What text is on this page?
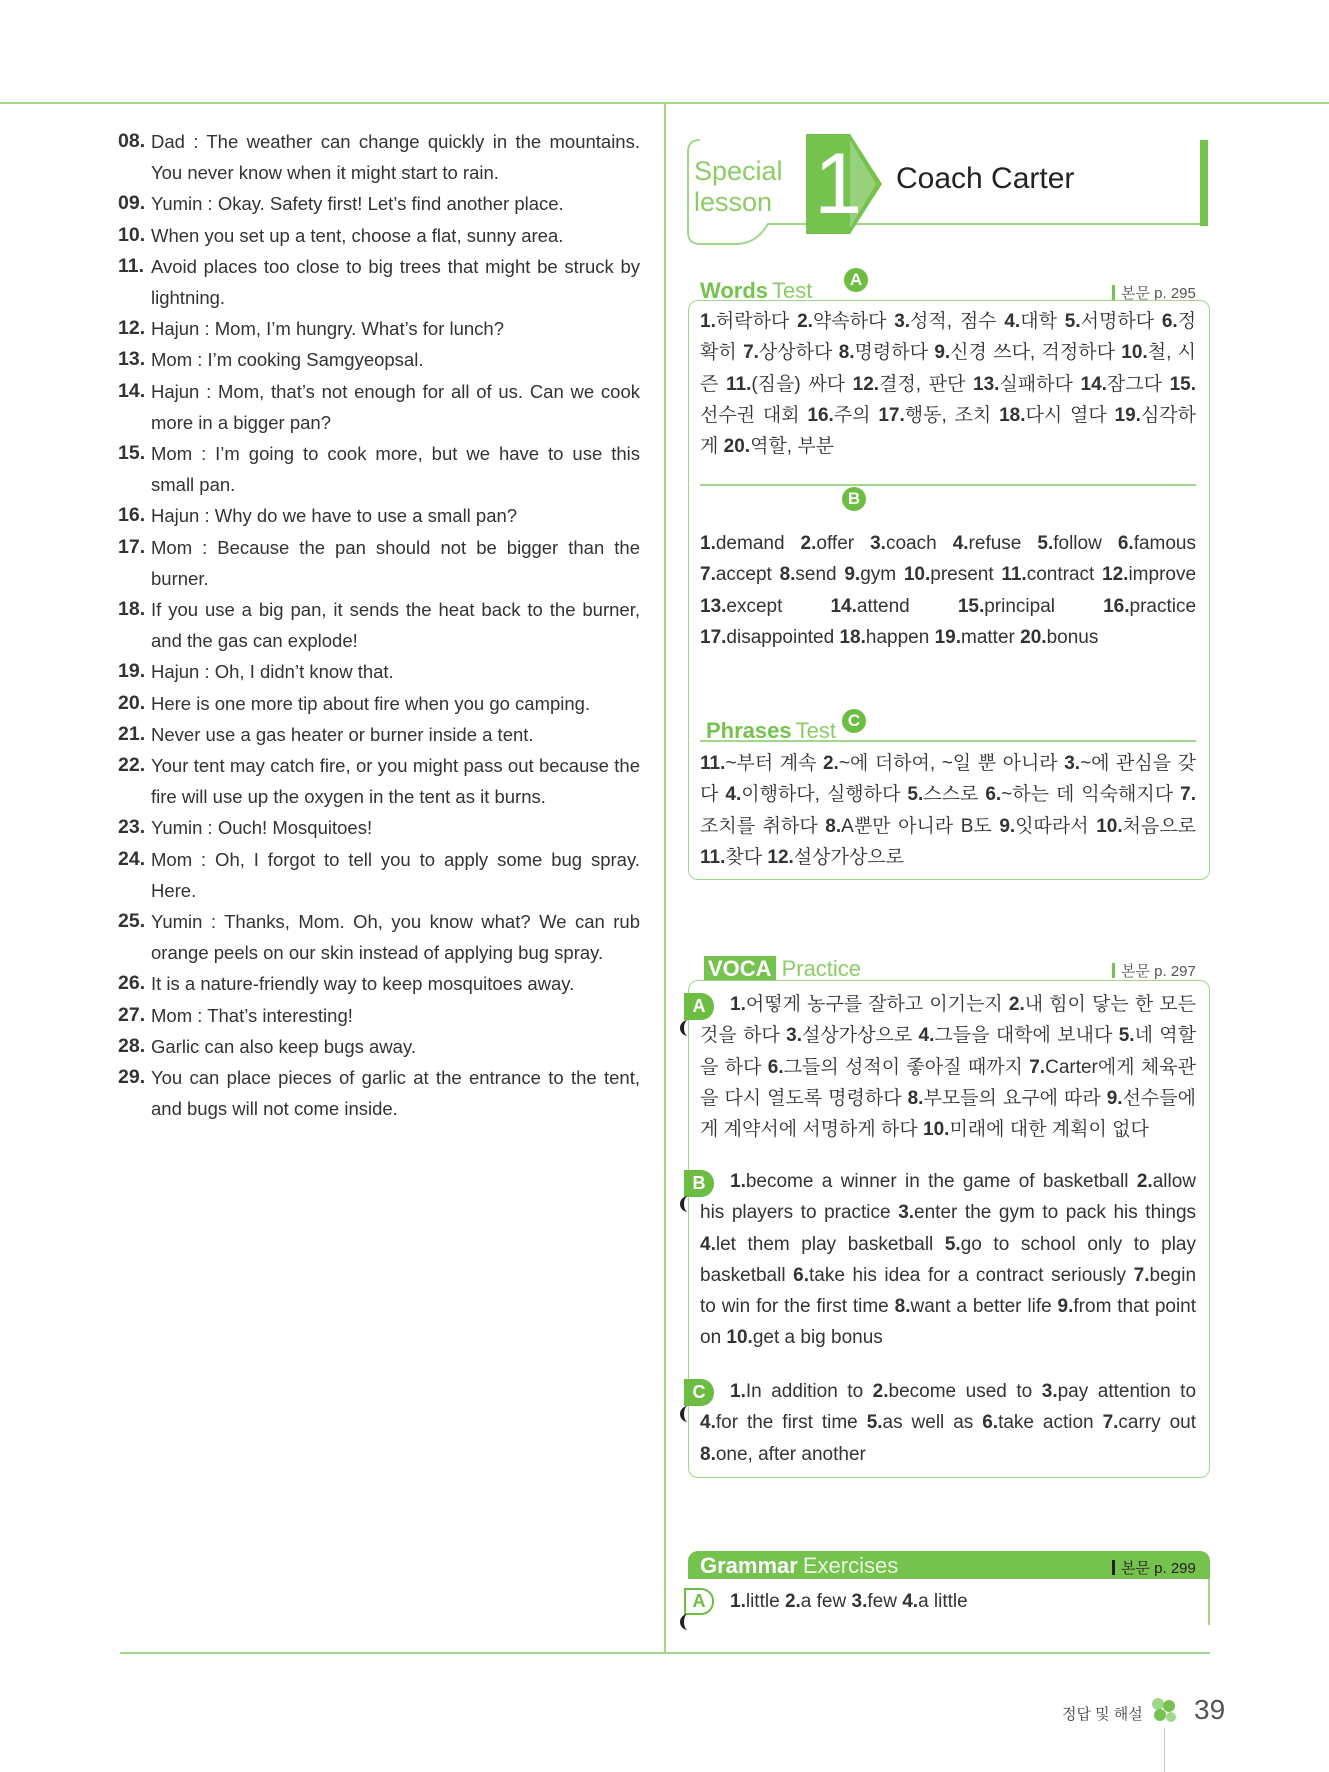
08. Dad : The weather can change quickly in the mountains. You never know when it might start to rain.
09. Yumin : Okay. Safety first! Let’s find another place.
10. When you set up a tent, choose a flat, sunny area.
11. Avoid places too close to big trees that might be struck by lightning.
12. Hajun : Mom, I’m hungry. What’s for lunch?
13. Mom : I’m cooking Samgyeopsal.
14. Hajun : Mom, that’s not enough for all of us. Can we cook more in a bigger pan?
15. Mom : I’m going to cook more, but we have to use this small pan.
16. Hajun : Why do we have to use a small pan?
17. Mom : Because the pan should not be bigger than the burner.
18. If you use a big pan, it sends the heat back to the burner, and the gas can explode!
19. Hajun : Oh, I didn’t know that.
20. Here is one more tip about fire when you go camping.
21. Never use a gas heater or burner inside a tent.
22. Your tent may catch fire, or you might pass out because the fire will use up the oxygen in the tent as it burns.
23. Yumin : Ouch! Mosquitoes!
24. Mom : Oh, I forgot to tell you to apply some bug spray. Here.
25. Yumin : Thanks, Mom. Oh, you know what? We can rub orange peels on our skin instead of applying bug spray.
26. It is a nature-friendly way to keep mosquitoes away.
27. Mom : That’s interesting!
28. Garlic can also keep bugs away.
29. You can place pieces of garlic at the entrance to the tent, and bugs will not come inside.
Special
lesson 1 Coach Carter
Words Test	A
본문 p. 295
B
1.허락하다 2.약속하다 3.성적, 점수 4.대학 5.서명하다 6.정확히 7.상상하다 8.명령하다 9.신경 쓰다, 걱정하다 10.철, 시즌 11.(짐을) 싸다 12.결정, 판단 13.실패하다 14.잠그다 15.선수권 대회 16.주의 17.행동, 조치 18.다시 열다 19.심각하게 20.역할, 부분
1.demand 2.offer 3.coach 4.refuse 5.follow 6.famous 7.accept 8.send 9.gym 10.present 11.contract 12.improve 13.except	14.attend	15.principal	16.practice 17.disappointed 18.happen 19.matter 20.bonus
Phrases Test C
11.~부터 계속 2.~에 더하여, ~일 뿐 아니라 3.~에 관심을 갖다 4.이행하다, 실행하다 5.스스로 6.~하는 데 익숙해지다 7.조치를 취하다 8.A뿐만 아니라 B도 9.잇따라서 10.처음으로 11.찾다 12.설상가상으로
VOCA Practice	본문 p. 297
A	1.어떻게 농구를 잘하고 이기는지 2.내 힘이 닿는 한 모든 것을 하다 3.설상가상으로 4.그들을 대학에 보내다 5.네 역할을 하다 6.그들의 성적이 좋아질 때까지 7.Carter에게 체육관을 다시 열도록 명령하다 8.부모들의 요구에 따라 9.선수들에게 계약서에 서명하게 하다 10.미래에 대한 계획이 없다
B	1.become a winner in the game of basketball 2.allow his players to practice 3.enter the gym to pack his things 4.let them play basketball 5.go to school only to play basketball 6.take his idea for a contract seriously 7.begin to win for the first time 8.want a better life 9.from that point on 10.get a big bonus
C	1.In addition to 2.become used to 3.pay attention to 4.for the first time 5.as well as 6.take action 7.carry out 8.one, after another
Grammar Exercises	본문 p. 299
A	1.little 2.a few 3.few 4.a little
정답 및 해설 39
